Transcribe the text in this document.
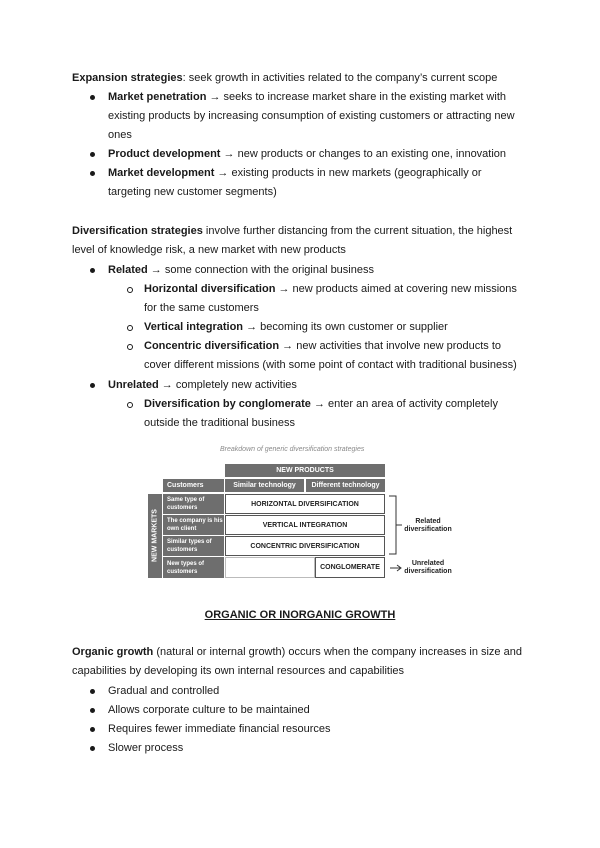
Expansion strategies: seek growth in activities related to the company’s current scope
Market penetration → seeks to increase market share in the existing market with
existing products by increasing consumption of existing customers or attracting new
ones
Product development → new products or changes to an existing one, innovation
Market development → existing products in new markets (geographically or
targeting new customer segments)
Diversification strategies involve further distancing from the current situation, the highest
level of knowledge risk, a new market with new products
Related → some connection with the original business
Horizontal diversification → new products aimed at covering new missions
for the same customers
Vertical integration → becoming its own customer or supplier
Concentric diversification → new activities that involve new products to
cover different missions (with some point of contact with traditional business)
Unrelated → completely new activities
Diversification by conglomerate → enter an area of activity completely
outside the traditional business
Breakdown of generic diversification strategies
NEW PRODUCTS
Customers	Similar technology	Different technology
NEW MARKETS
Same type of customers
The company is his own client
Similar types of customers
New types of customers
HORIZONTAL DIVERSIFICATION
VERTICAL INTEGRATION
CONCENTRIC DIVERSIFICATION
CONGLOMERATE
Related diversification
Unrelated diversification
ORGANIC OR INORGANIC GROWTH
Organic growth (natural or internal growth) occurs when the company increases in size and
capabilities by developing its own internal resources and capabilities
Gradual and controlled
Allows corporate culture to be maintained
Requires fewer immediate financial resources
Slower process
